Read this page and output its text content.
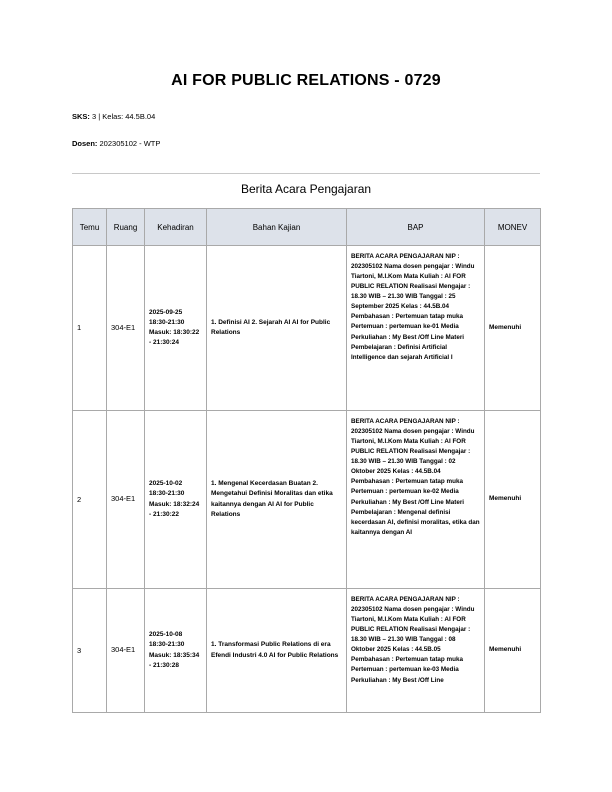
AI FOR PUBLIC RELATIONS - 0729
SKS: 3 | Kelas: 44.5B.04
Dosen: 202305102 - WTP
Berita Acara Pengajaran
Temu	Ruang	Kehadiran	Bahan Kajian	BAP	MONEV
1	304-E1	2025-09-25 18:30-21:30 Masuk: 18:30:22 - 21:30:24	1. Definisi AI 2. Sejarah AI AI for Public Relations	BERITA ACARA PENGAJARAN NIP : 202305102 Nama dosen pengajar : Windu Tiartoni, M.I.Kom Mata Kuliah : AI FOR PUBLIC RELATION Realisasi Mengajar : 18.30 WIB – 21.30 WIB Tanggal : 25 September 2025 Kelas : 44.5B.04 Pembahasan : Pertemuan tatap muka Pertemuan : pertemuan ke-01 Media Perkuliahan : My Best /Off Line Materi Pembelajaran : Definisi Artificial Intelligence dan sejarah Artificial I	Memenuhi
2	304-E1	2025-10-02 18:30-21:30 Masuk: 18:32:24 - 21:30:22	1. Mengenal Kecerdasan Buatan 2. Mengetahui Definisi Moralitas dan etika kaitannya dengan AI AI for Public Relations	BERITA ACARA PENGAJARAN NIP : 202305102 Nama dosen pengajar : Windu Tiartoni, M.I.Kom Mata Kuliah : AI FOR PUBLIC RELATION Realisasi Mengajar : 18.30 WIB – 21.30 WIB Tanggal : 02 Oktober 2025 Kelas : 44.5B.04 Pembahasan : Pertemuan tatap muka Pertemuan : pertemuan ke-02 Media Perkuliahan : My Best /Off Line Materi Pembelajaran : Mengenal definisi kecerdasan AI, definisi moralitas, etika dan kaitannya dengan AI	Memenuhi
3	304-E1	2025-10-08 18:30-21:30 Masuk: 18:35:34 - 21:30:28	1. Transformasi Public Relations di era Efendi Industri 4.0 AI for Public Relations	BERITA ACARA PENGAJARAN NIP : 202305102 Nama dosen pengajar : Windu Tiartoni, M.I.Kom Mata Kuliah : AI FOR PUBLIC RELATION Realisasi Mengajar : 18.30 WIB – 21.30 WIB Tanggal : 08 Oktober 2025 Kelas : 44.5B.05 Pembahasan : Pertemuan tatap muka Pertemuan : pertemuan ke-03 Media Perkuliahan : My Best /Off Line	Memenuhi
